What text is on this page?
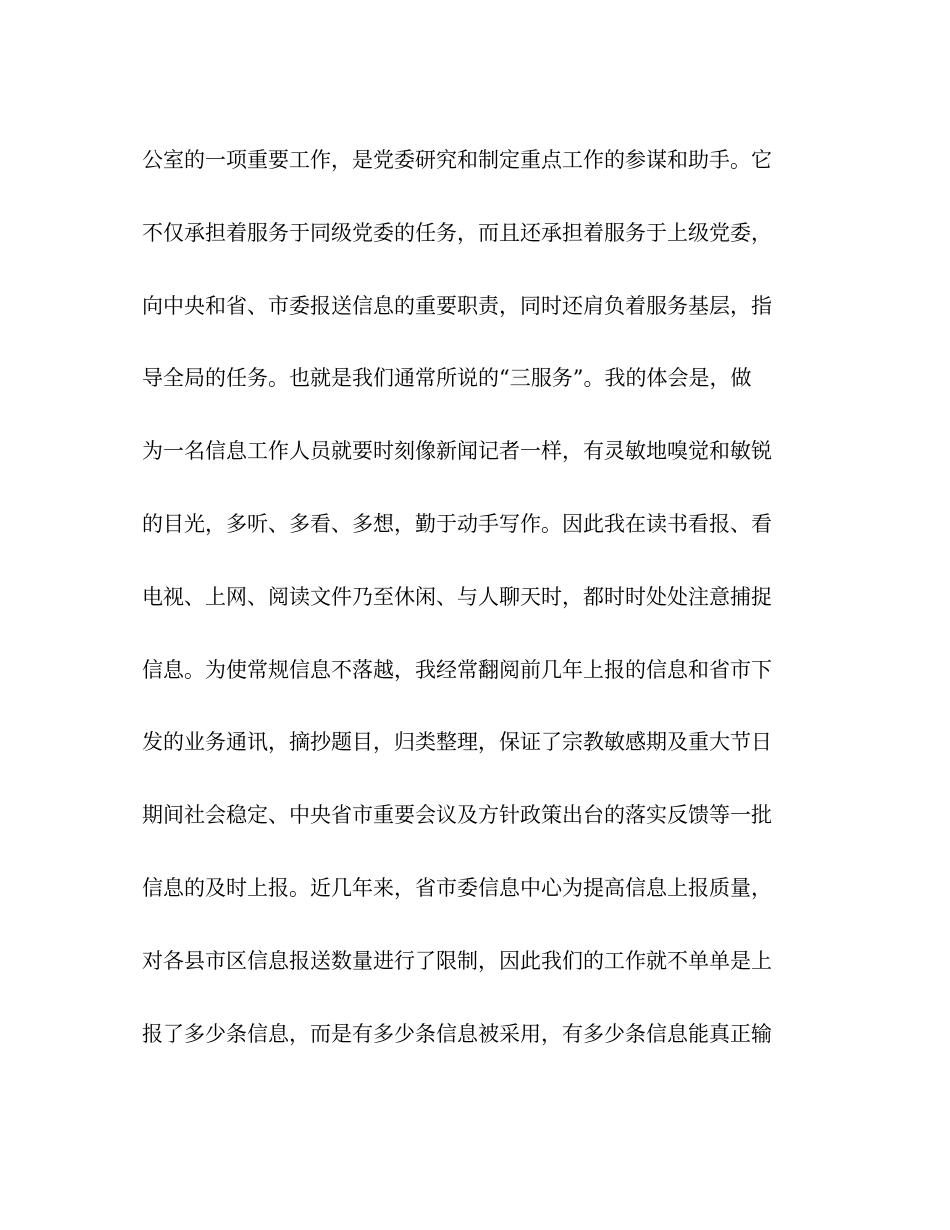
公室的一项重要工作，是党委研究和制定重点工作的参谋和助手。它
不仅承担着服务于同级党委的任务，而且还承担着服务于上级党委，
向中央和省、市委报送信息的重要职责，同时还肩负着服务基层，指
导全局的任务。也就是我们通常所说的“三服务”。我的体会是，做
为一名信息工作人员就要时刻像新闻记者一样，有灵敏地嗅觉和敏锐
的目光，多听、多看、多想，勤于动手写作。因此我在读书看报、看
电视、上网、阅读文件乃至休闲、与人聊天时，都时时处处注意捕捉
信息。为使常规信息不落越，我经常翻阅前几年上报的信息和省市下
发的业务通讯，摘抄题目，归类整理，保证了宗教敏感期及重大节日
期间社会稳定、中央省市重要会议及方针政策出台的落实反馈等一批
信息的及时上报。近几年来，省市委信息中心为提高信息上报质量，
对各县市区信息报送数量进行了限制，因此我们的工作就不单单是上
报了多少条信息，而是有多少条信息被采用，有多少条信息能真正输
